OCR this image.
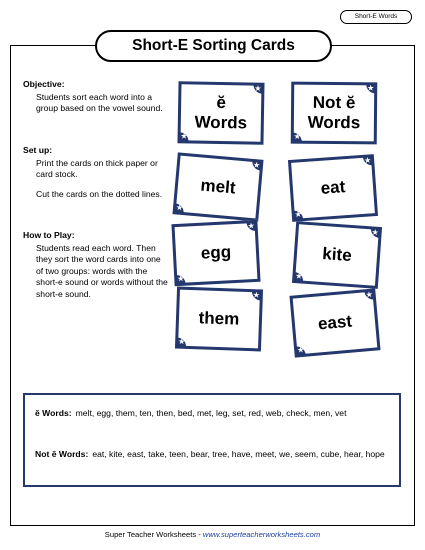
Short-E Words
Short-E Sorting Cards
Objective:
Students sort each word into a group based on the vowel sound.
Set up:
Print the cards on thick paper or card stock.
Cut the cards on the dotted lines.
How to Play:
Students read each word. Then they sort the word cards into one of two groups: words with the short-e sound or words without the short-e sound.
ĕ
Words
★
★
melt
★
★
egg
★
★
them
★
★
Not ĕ
Words
★
★
eat
★
★
kite
★
★
east
★
★
ĕ Words: melt, egg, them, ten, then, bed, met, leg, set, red, web, check, men, vet
Not ĕ Words: eat, kite, east, take, teen, bear, tree, have, meet, we, seem, cube, hear, hope
Super Teacher Worksheets - www.superteacherworksheets.com
